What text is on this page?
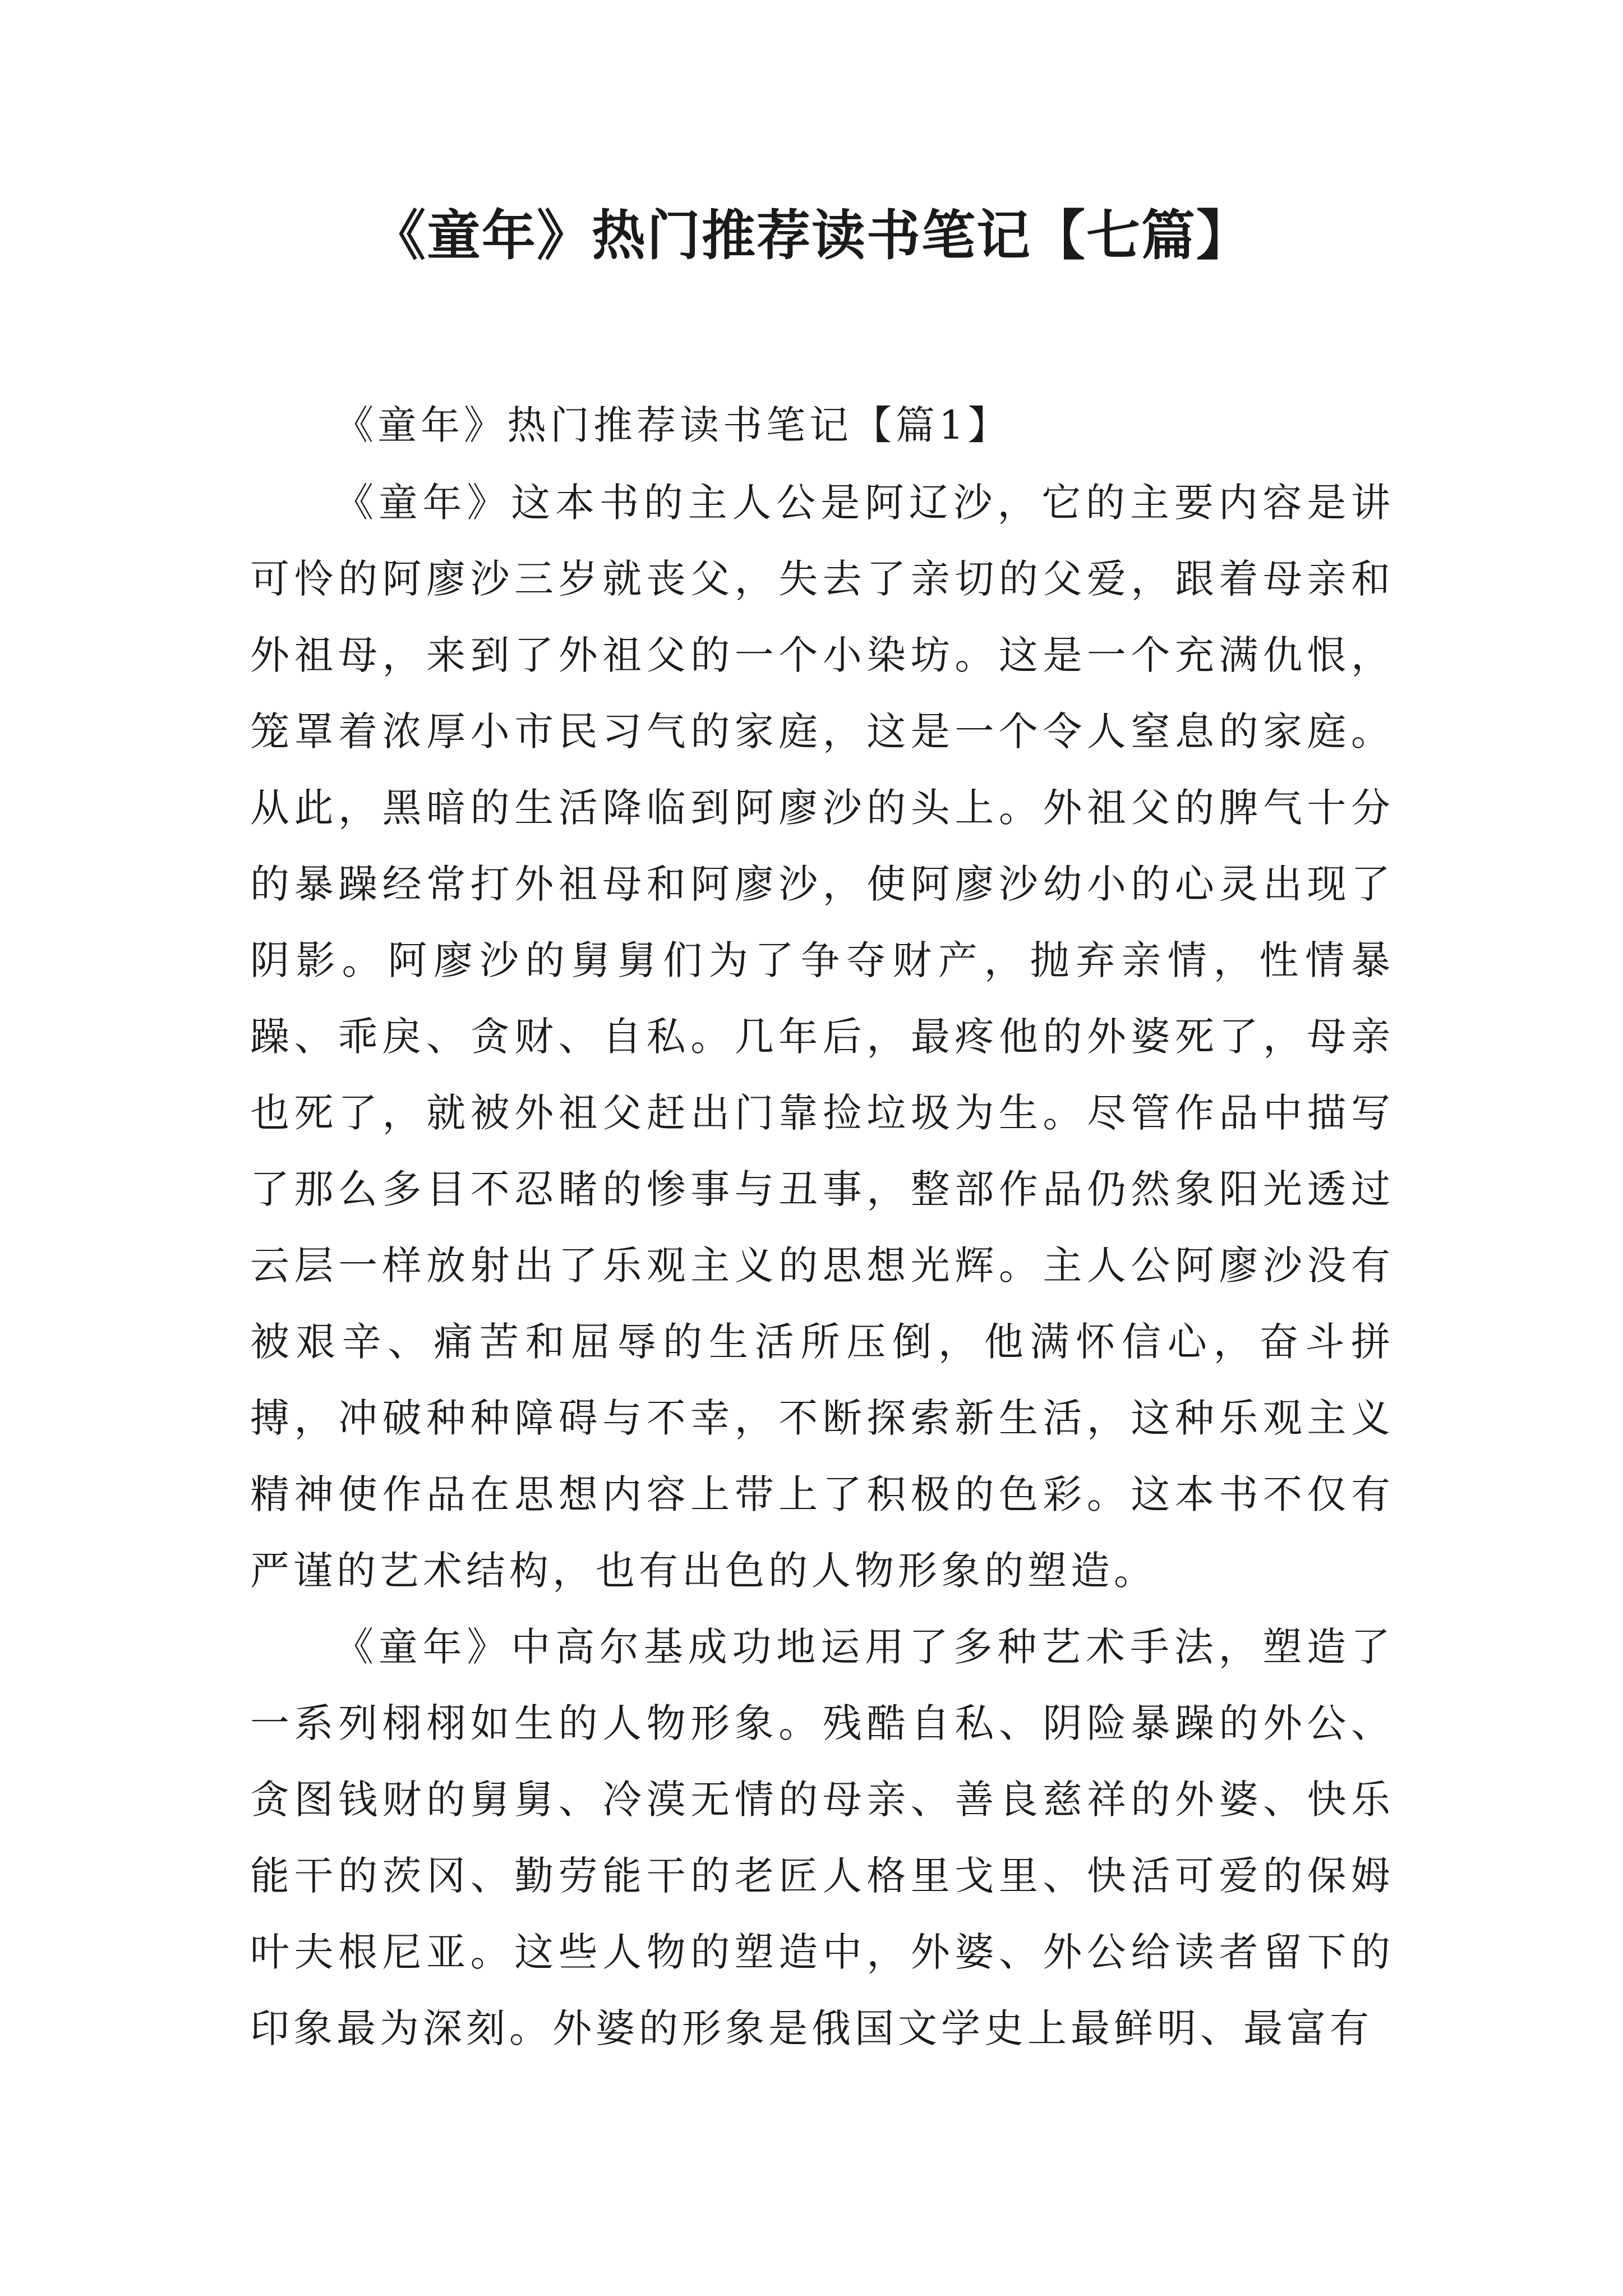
《童年》热门推荐读书笔记【七篇】

《童年》热门推荐读书笔记【篇1】

《童年》这本书的主人公是阿辽沙，它的主要内容是讲可怜的阿廖沙三岁就丧父，失去了亲切的父爱，跟着母亲和外祖母，来到了外祖父的一个小染坊。这是一个充满仇恨，笼罩着浓厚小市民习气的家庭，这是一个令人窒息的家庭。从此，黑暗的生活降临到阿廖沙的头上。外祖父的脾气十分的暴躁经常打外祖母和阿廖沙，使阿廖沙幼小的心灵出现了阴影。阿廖沙的舅舅们为了争夺财产，抛弃亲情，性情暴躁、乖戾、贪财、自私。几年后，最疼他的外婆死了，母亲也死了，就被外祖父赶出门靠捡垃圾为生。尽管作品中描写了那么多目不忍睹的惨事与丑事，整部作品仍然象阳光透过云层一样放射出了乐观主义的思想光辉。主人公阿廖沙没有被艰辛、痛苦和屈辱的生活所压倒，他满怀信心，奋斗拼搏，冲破种种障碍与不幸，不断探索新生活，这种乐观主义精神使作品在思想内容上带上了积极的色彩。这本书不仅有严谨的艺术结构，也有出色的人物形象的塑造。

《童年》中高尔基成功地运用了多种艺术手法，塑造了一系列栩栩如生的人物形象。残酷自私、阴险暴躁的外公、贪图钱财的舅舅、冷漠无情的母亲、善良慈祥的外婆、快乐能干的茨冈、勤劳能干的老匠人格里戈里、快活可爱的保姆叶夫根尼亚。这些人物的塑造中，外婆、外公给读者留下的印象最为深刻。外婆的形象是俄国文学史上最鲜明、最富有
